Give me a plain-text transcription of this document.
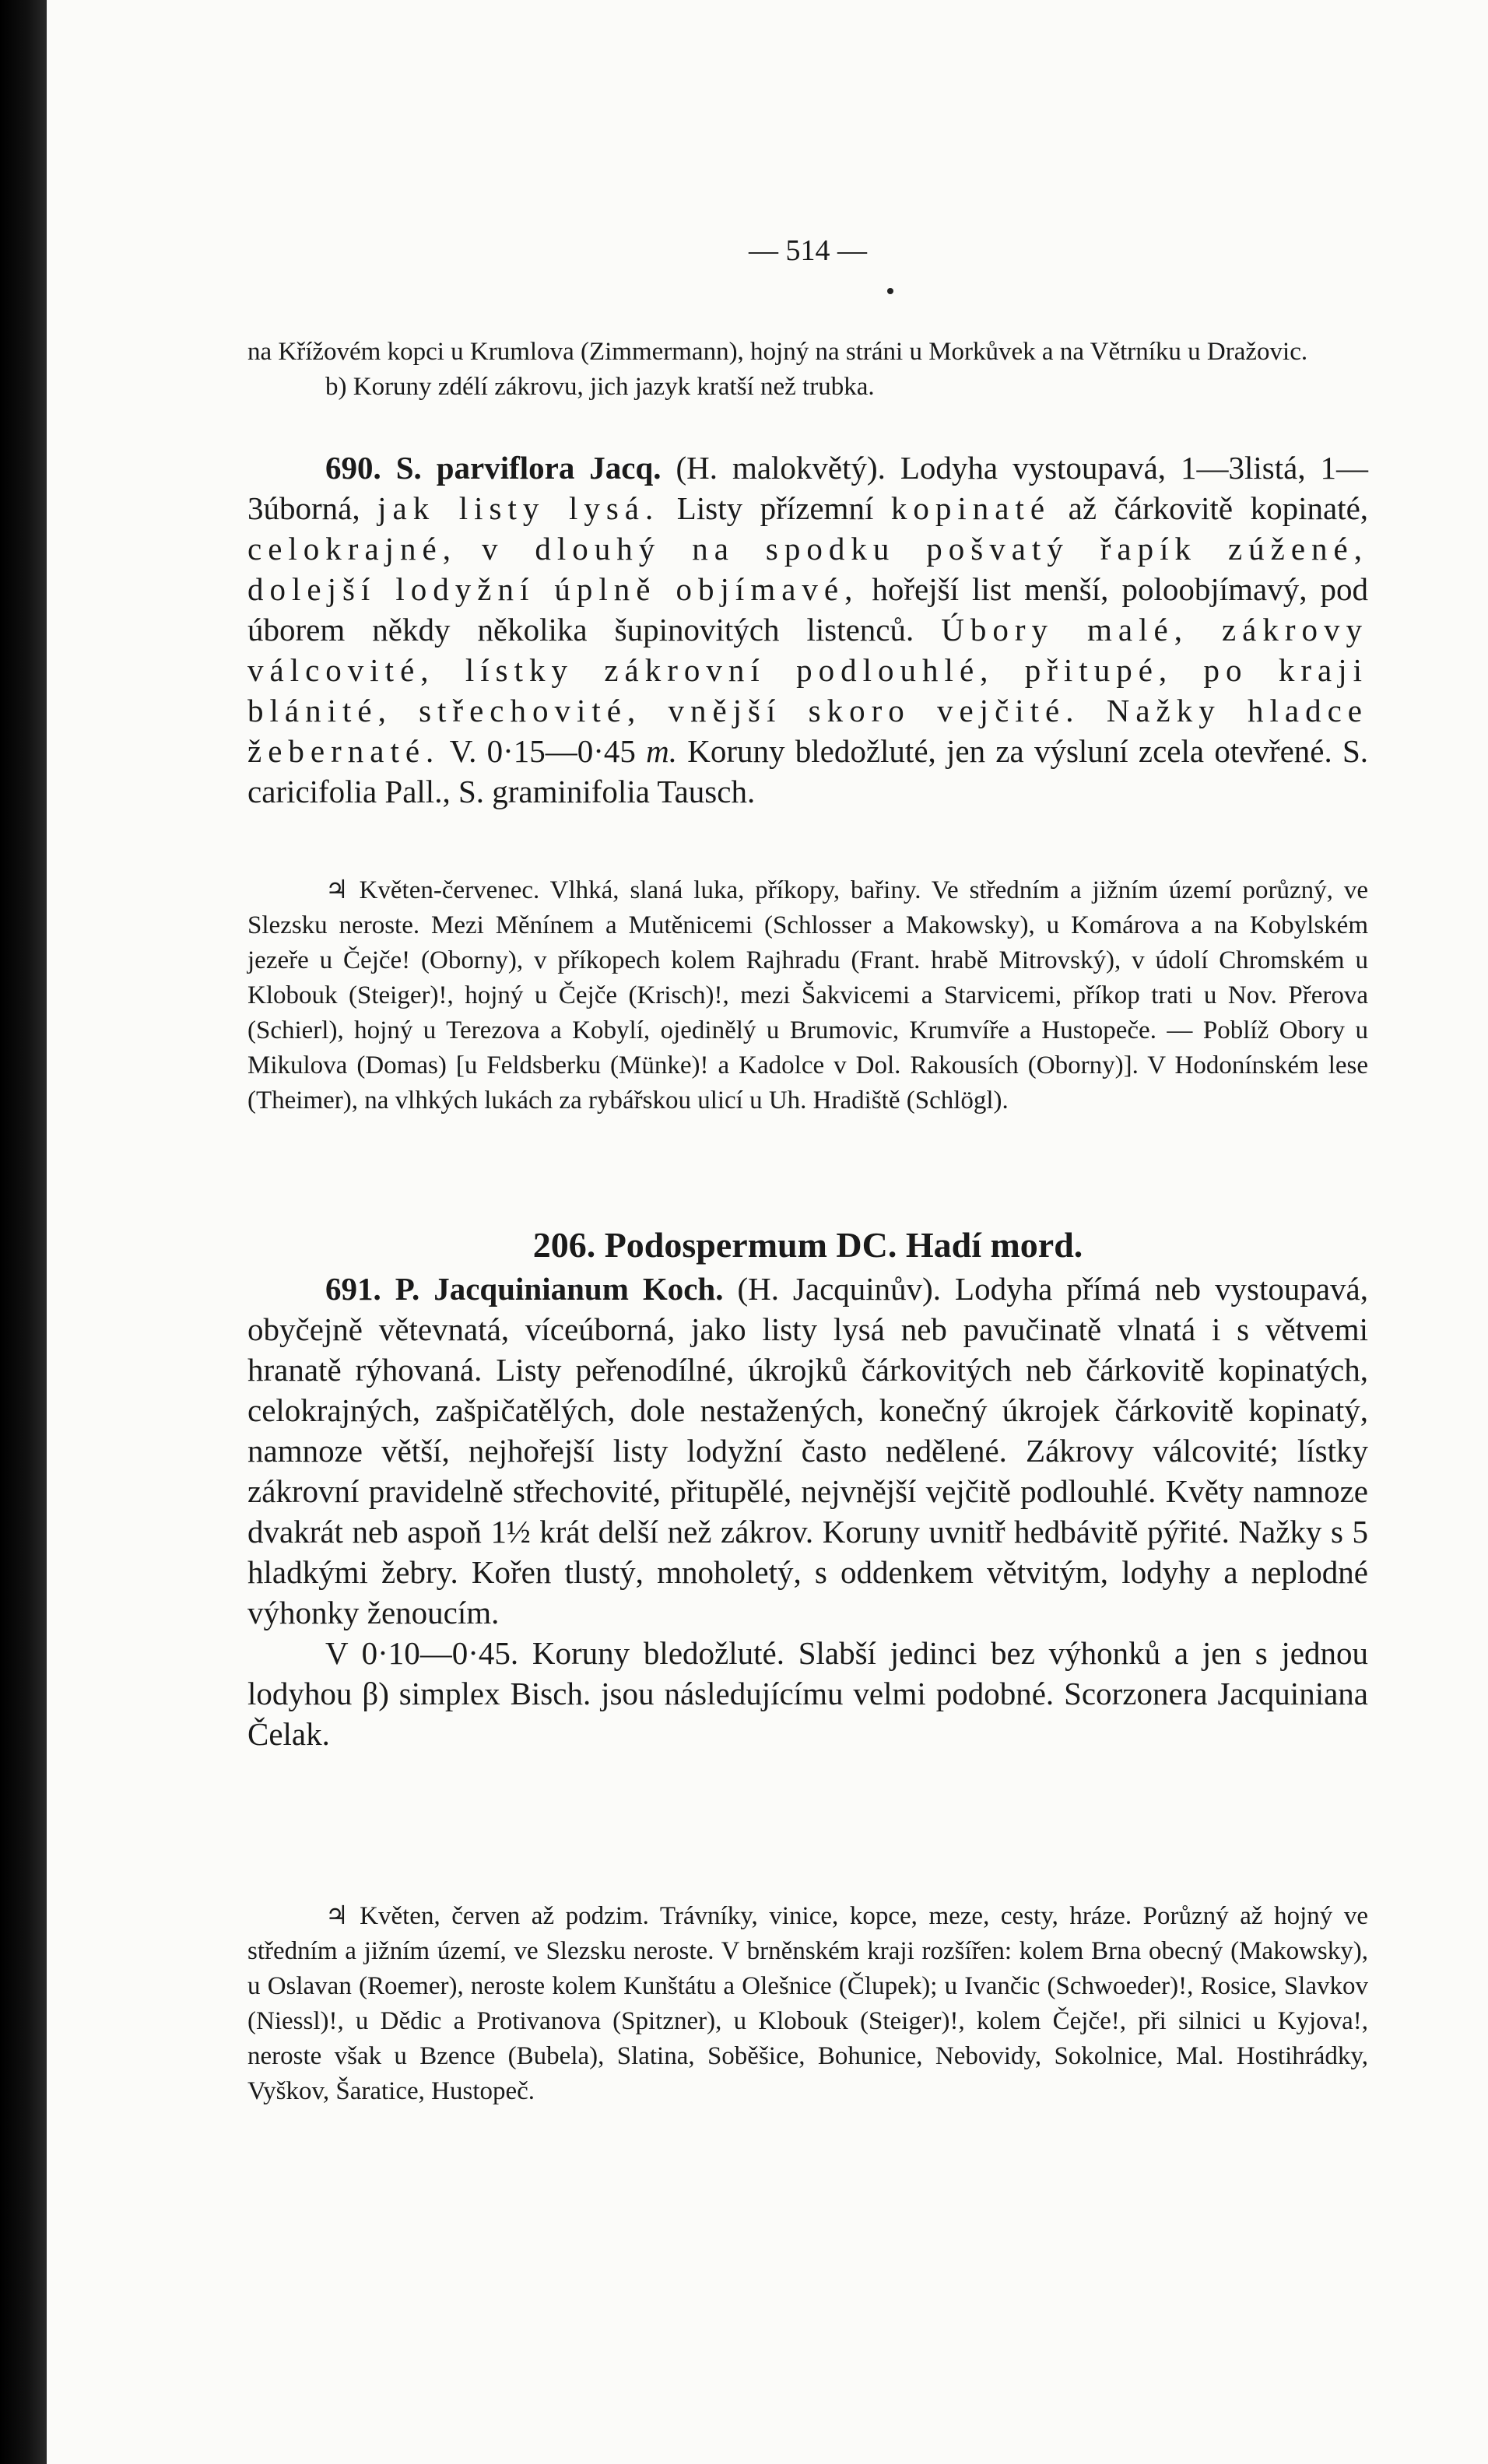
— 514 —

na Křížovém kopci u Krumlova (Zimmermann), hojný na stráni u Morkůvek a na Větrníku u Dražovic.

b) Koruny zdélí zákrovu, jich jazyk kratší než trubka.

690. S. parviflora Jacq. (H. malokvětý). Lodyha vystoupavá, 1—3listá, 1—3úborná, jak listy lysá. Listy přízemní kopinaté až čárkovitě kopinaté, celokrajné, v dlouhý na spodku pošvatý řapík zúžené, dolejší lodyžní úplně objímavé, hořejší list menší, poloobjímavý, pod úborem někdy několika šupinovitých listenců. Úbory malé, zákrovy válcovité, lístky zákrovní podlouhlé, přitupé, po kraji blánité, střechovité, vnější skoro vejčité. Nažky hladce žebernaté. V. 0·15—0·45 m. Koruny bledožluté, jen za výsluní zcela otevřené. S. caricifolia Pall., S. graminifolia Tausch.

♃ Květen-červenec. Vlhká, slaná luka, příkopy, bařiny. Ve středním a jižním území porůzný, ve Slezsku neroste. Mezi Měnínem a Mutěnicemi (Schlosser a Makowsky), u Komárova a na Kobylském jezeře u Čejče! (Oborny), v příkopech kolem Rajhradu (Frant. hrabě Mitrovský), v údolí Chromském u Klobouk (Steiger)!, hojný u Čejče (Krisch)!, mezi Šakvicemi a Starvicemi, příkop trati u Nov. Přerova (Schierl), hojný u Terezova a Kobylí, ojedinělý u Brumovic, Krumvíře a Hustopeče. — Poblíž Obory u Mikulova (Domas) [u Feldsberku (Münke)! a Kadolce v Dol. Rakousích (Oborny)]. V Hodonínském lese (Theimer), na vlhkých lukách za rybářskou ulicí u Uh. Hradiště (Schlögl).

206. Podospermum DC. Hadí mord.

691. P. Jacquinianum Koch. (H. Jacquinův). Lodyha přímá neb vystoupavá, obyčejně větevnatá, víceúborná, jako listy lysá neb pavučinatě vlnatá i s větvemi hranatě rýhovaná. Listy peřenodílné, úkrojků čárkovitých neb čárkovitě kopinatých, celokrajných, zašpičatělých, dole nestažených, konečný úkrojek čárkovitě kopinatý, namnoze větší, nejhořejší listy lodyžní často nedělené. Zákrovy válcovité; lístky zákrovní pravidelně střechovité, přitupělé, nejvnější vejčitě podlouhlé. Květy namnoze dvakrát neb aspoň 1½ krát delší než zákrov. Koruny uvnitř hedbávitě pýřité. Nažky s 5 hladkými žebry. Kořen tlustý, mnoholetý, s oddenkem větvitým, lodyhy a neplodné výhonky ženoucím.

V 0·10—0·45. Koruny bledožluté. Slabší jedinci bez výhonků a jen s jednou lodyhou β) simplex Bisch. jsou následujícímu velmi podobné. Scorzonera Jacquiniana Čelak.

♃ Květen, červen až podzim. Trávníky, vinice, kopce, meze, cesty, hráze. Porůzný až hojný ve středním a jižním území, ve Slezsku neroste. V brněnském kraji rozšířen: kolem Brna obecný (Makowsky), u Oslavan (Roemer), neroste kolem Kunštátu a Olešnice (Člupek); u Ivančic (Schwoeder)!, Rosice, Slavkov (Niessl)!, u Dědic a Protivanova (Spitzner), u Klobouk (Steiger)!, kolem Čejče!, při silnici u Kyjova!, neroste však u Bzence (Bubela), Slatina, Soběšice, Bohunice, Nebovidy, Sokolnice, Mal. Hostihrádky, Vyškov, Šaratice, Hustopeč.
